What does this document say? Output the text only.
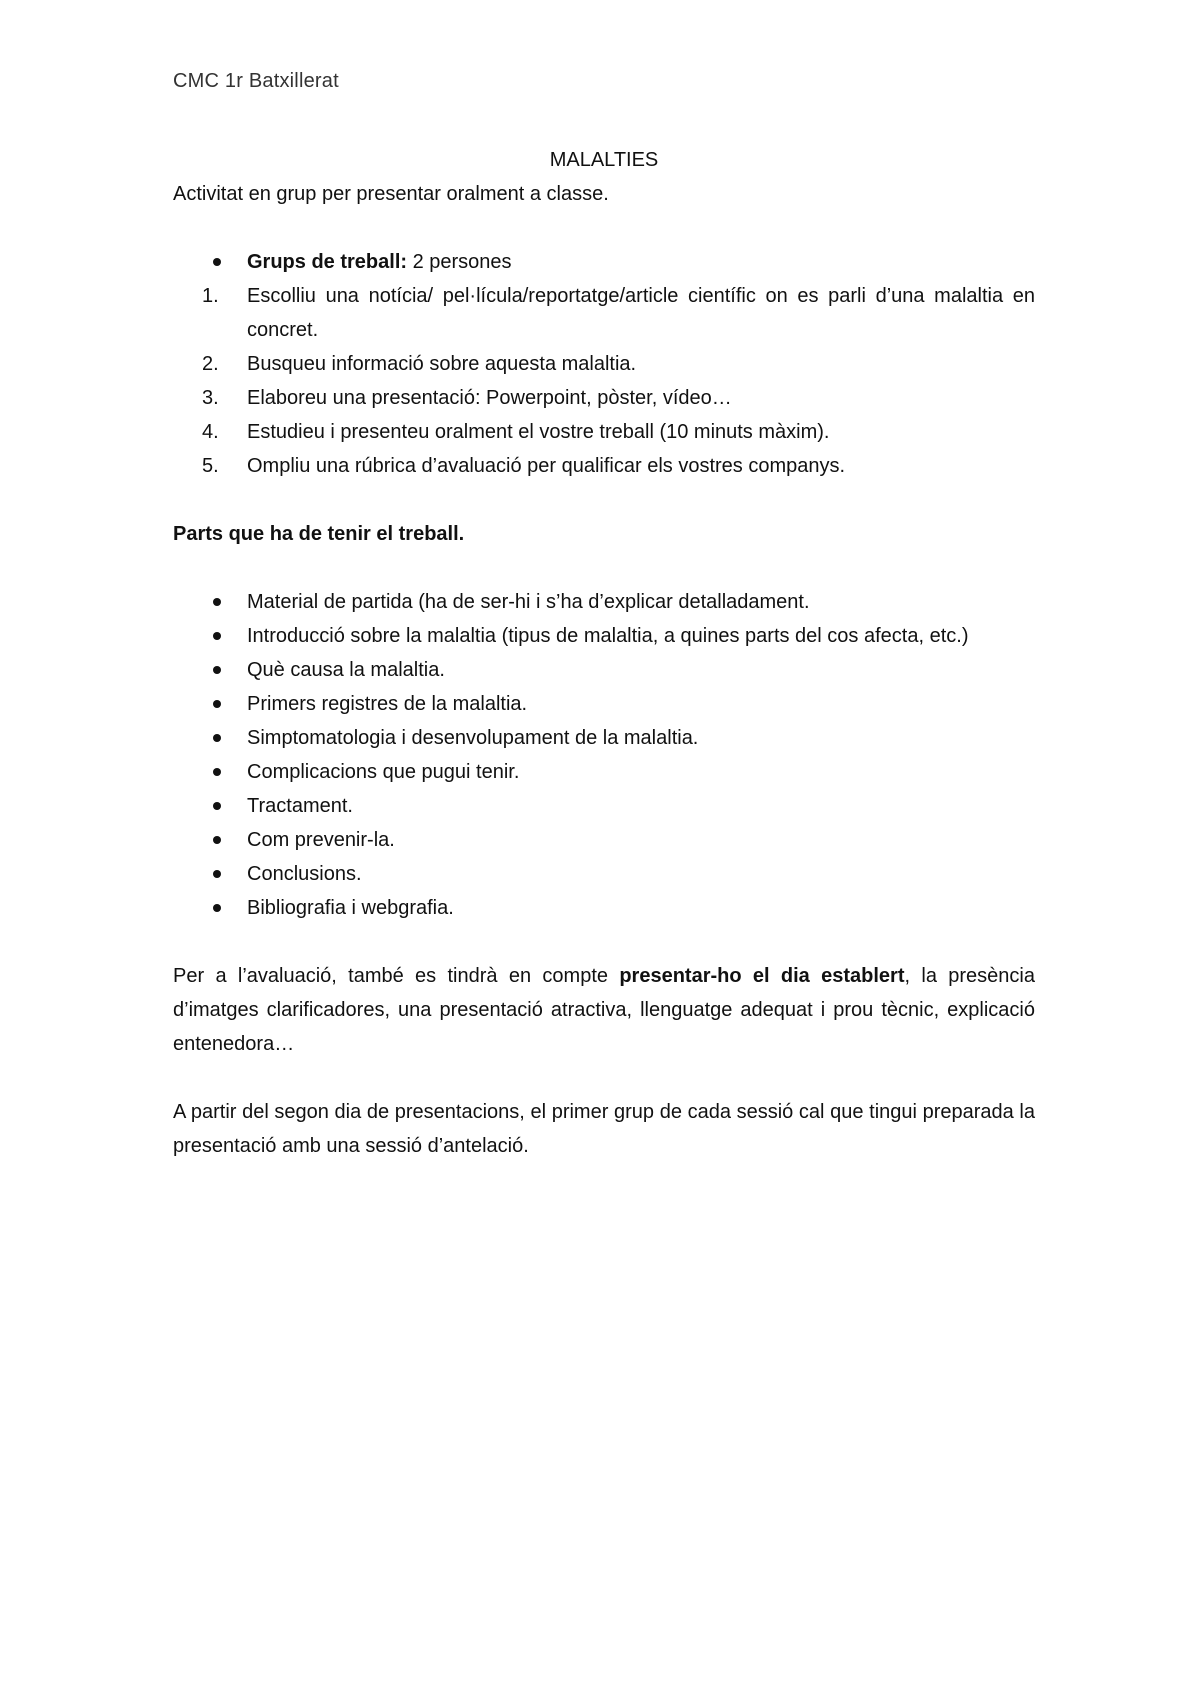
CMC 1r Batxillerat

MALALTIES

Activitat en grup per presentar oralment a classe.

Grups de treball: 2 persones
1. Escolliu una notícia/ pel·lícula/reportatge/article científic on es parli d’una malaltia en concret.
2. Busqueu informació sobre aquesta malaltia.
3. Elaboreu una presentació: Powerpoint, pòster, vídeo…
4. Estudieu i presenteu oralment el vostre treball (10 minuts màxim).
5. Ompliu una rúbrica d’avaluació per qualificar els vostres companys.

Parts que ha de tenir el treball.

Material de partida (ha de ser-hi i s’ha d’explicar detalladament.
Introducció sobre la malaltia (tipus de malaltia, a quines parts del cos afecta, etc.)
Què causa la malaltia.
Primers registres de la malaltia.
Simptomatologia i desenvolupament de la malaltia.
Complicacions que pugui tenir.
Tractament.
Com prevenir-la.
Conclusions.
Bibliografia i webgrafia.

Per a l’avaluació, també es tindrà en compte presentar-ho el dia establert, la presència d’imatges clarificadores, una presentació atractiva, llenguatge adequat i prou tècnic, explicació entenedora…

A partir del segon dia de presentacions, el primer grup de cada sessió cal que tingui preparada la presentació amb una sessió d’antelació.
